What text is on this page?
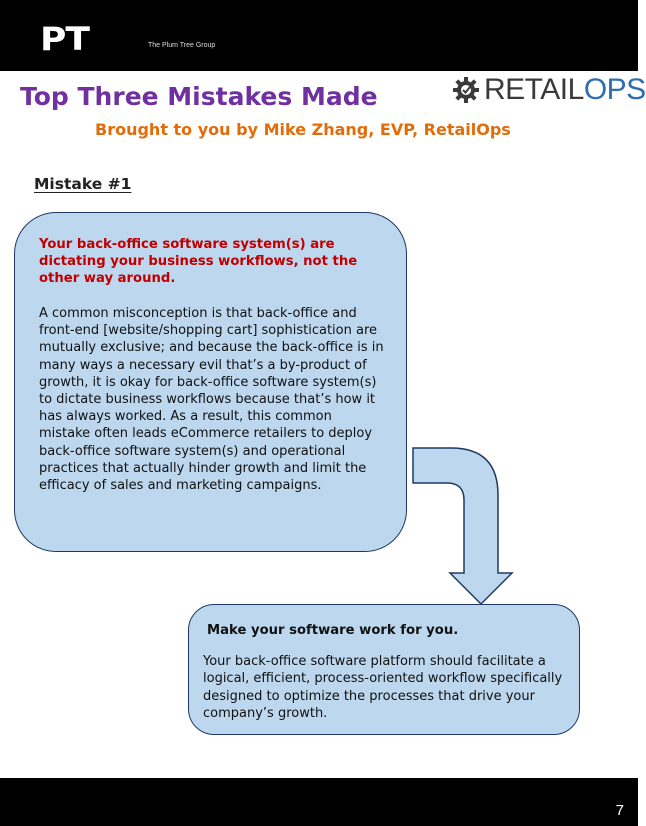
PT	The Plum Tree Group
Top Three Mistakes Made	RETAILOPS
Brought to you by Mike Zhang, EVP, RetailOps
Mistake #1

Your back-office software system(s) are dictating your business workflows, not the other way around.

A common misconception is that back-office and front-end [website/shopping cart] sophistication are mutually exclusive; and because the back-office is in many ways a necessary evil that’s a by-product of growth, it is okay for back-office software system(s) to dictate business workflows because that’s how it has always worked. As a result, this common mistake often leads eCommerce retailers to deploy back-office software system(s) and operational practices that actually hinder growth and limit the efficacy of sales and marketing campaigns.

Make your software work for you.

Your back-office software platform should facilitate a logical, efficient, process-oriented workflow specifically designed to optimize the processes that drive your company’s growth.

7
